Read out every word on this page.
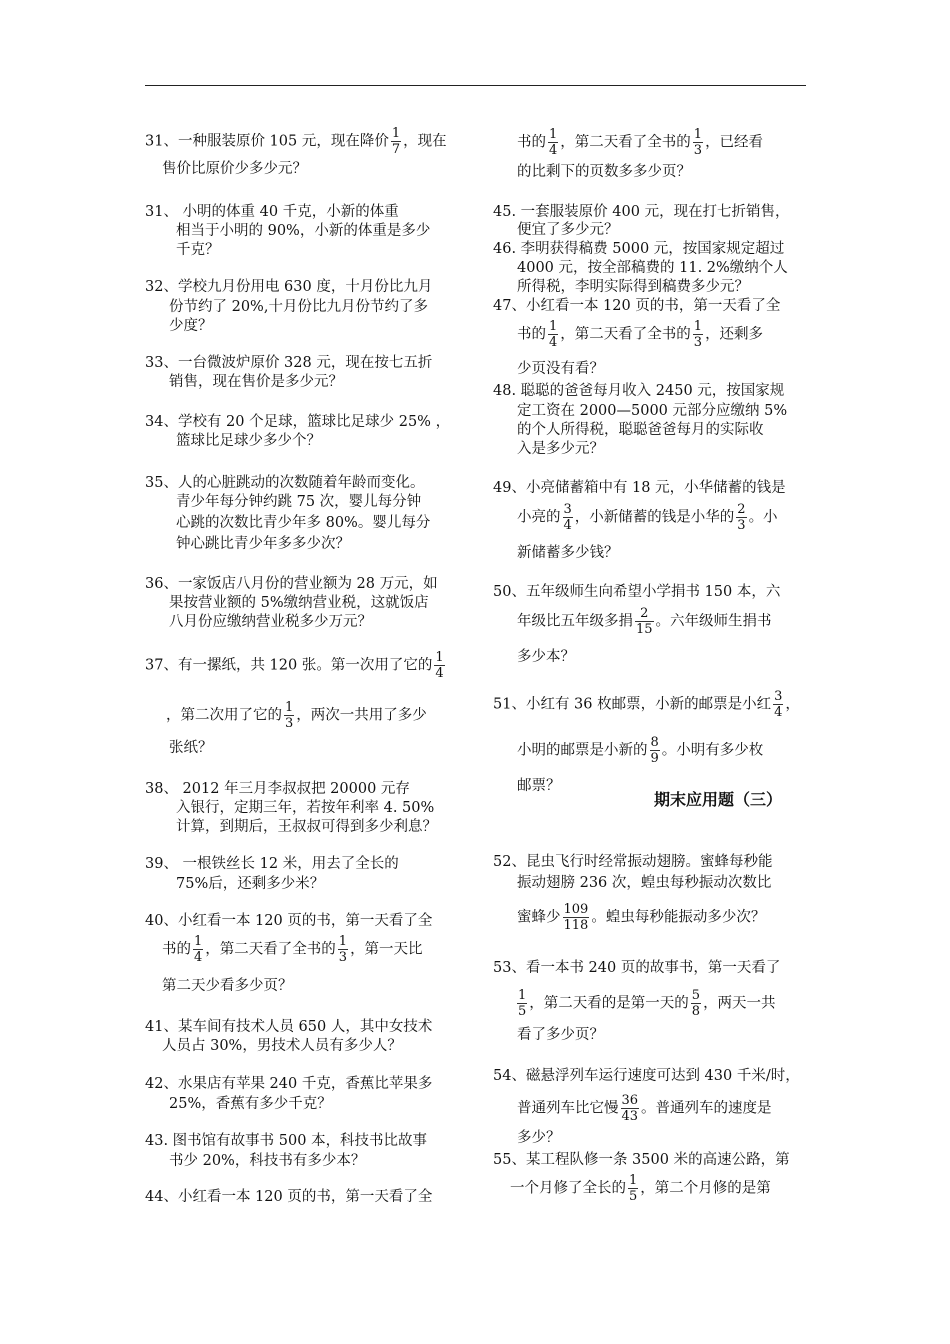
31、一种服装原价 105 元，现在降价 $\frac{1}{7}$ ，现在
售价比原价少多少元？
31、 小明的体重 40 千克，小新的体重
相当于小明的 90%，小新的体重是多少
千克？
32、学校九月份用电 630 度，十月份比九月
份节约了 20%,十月份比九月份节约了多
少度？
33、一台微波炉原价 328 元，现在按七五折
销售，现在售价是多少元？
34、学校有 20 个足球，篮球比足球少 25% ，
篮球比足球少多少个？
35、人的心脏跳动的次数随着年龄而变化。
青少年每分钟约跳 75 次，婴儿每分钟
心跳的次数比青少年多 80%。婴儿每分
钟心跳比青少年多多少次？
36、一家饭店八月份的营业额为 28 万元，如
果按营业额的 5%缴纳营业税，这就饭店
八月份应缴纳营业税多少万元？
37、有一摞纸，共 120 张。第一次用了它的 $\frac{1}{4}$
，第二次用了它的 $\frac{1}{3}$ ，两次一共用了多少
张纸？
38、 2012 年三月李叔叔把 20000 元存
入银行，定期三年，若按年利率 4. 50%
计算，到期后，王叔叔可得到多少利息？
39、 一根铁丝长 12 米，用去了全长的
75%后，还剩多少米？
40、小红看一本 120 页的书，第一天看了全
书的 $\frac{1}{4}$ ，第二天看了全书的 $\frac{1}{3}$ ，第一天比
第二天少看多少页？
41、某车间有技术人员 650 人，其中女技术
人员占 30%，男技术人员有多少人？
42、水果店有苹果 240 千克，香蕉比苹果多
25%，香蕉有多少千克？
43. 图书馆有故事书 500 本，科技书比故事
书少 20%，科技书有多少本？
44、小红看一本 120 页的书，第一天看了全
书的 $\frac{1}{4}$ ，第二天看了全书的 $\frac{1}{3}$ ，已经看
的比剩下的页数多多少页？
45. 一套服装原价 400 元，现在打七折销售，
便宜了多少元？
46. 李明获得稿费 5000 元，按国家规定超过
4000 元，按全部稿费的 11. 2%缴纳个人
所得税，李明实际得到稿费多少元？
47、小红看一本 120 页的书，第一天看了全
书的 $\frac{1}{4}$ ，第二天看了全书的 $\frac{1}{3}$ ，还剩多
少页没有看？
48. 聪聪的爸爸每月收入 2450 元，按国家规
定工资在 2000—5000 元部分应缴纳 5%
的个人所得税，聪聪爸爸每月的实际收
入是多少元？
49、小亮储蓄箱中有 18 元，小华储蓄的钱是
小亮的 $\frac{3}{4}$ ，小新储蓄的钱是小华的 $\frac{2}{3}$ 。小
新储蓄多少钱？
50、五年级师生向希望小学捐书 150 本，六
年级比五年级多捐 $\frac{2}{15}$ 。六年级师生捐书
多少本？
51、小红有 36 枚邮票，小新的邮票是小红 $\frac{3}{4}$ ，
小明的邮票是小新的 $\frac{8}{9}$ 。小明有多少枚
邮票？
期末应用题（三）
52、昆虫飞行时经常振动翅膀。蜜蜂每秒能
振动翅膀 236 次，蝗虫每秒振动次数比
蜜蜂少 $\frac{109}{118}$ 。蝗虫每秒能振动多少次？
53、看一本书 240 页的故事书，第一天看了
$\frac{1}{5}$ ，第二天看的是第一天的 $\frac{5}{8}$ ，两天一共
看了多少页？
54、磁悬浮列车运行速度可达到 430 千米/时，
普通列车比它慢 $\frac{36}{43}$ 。普通列车的速度是
多少？
55、某工程队修一条 3500 米的高速公路，第
一个月修了全长的 $\frac{1}{5}$ ，第二个月修的是第
